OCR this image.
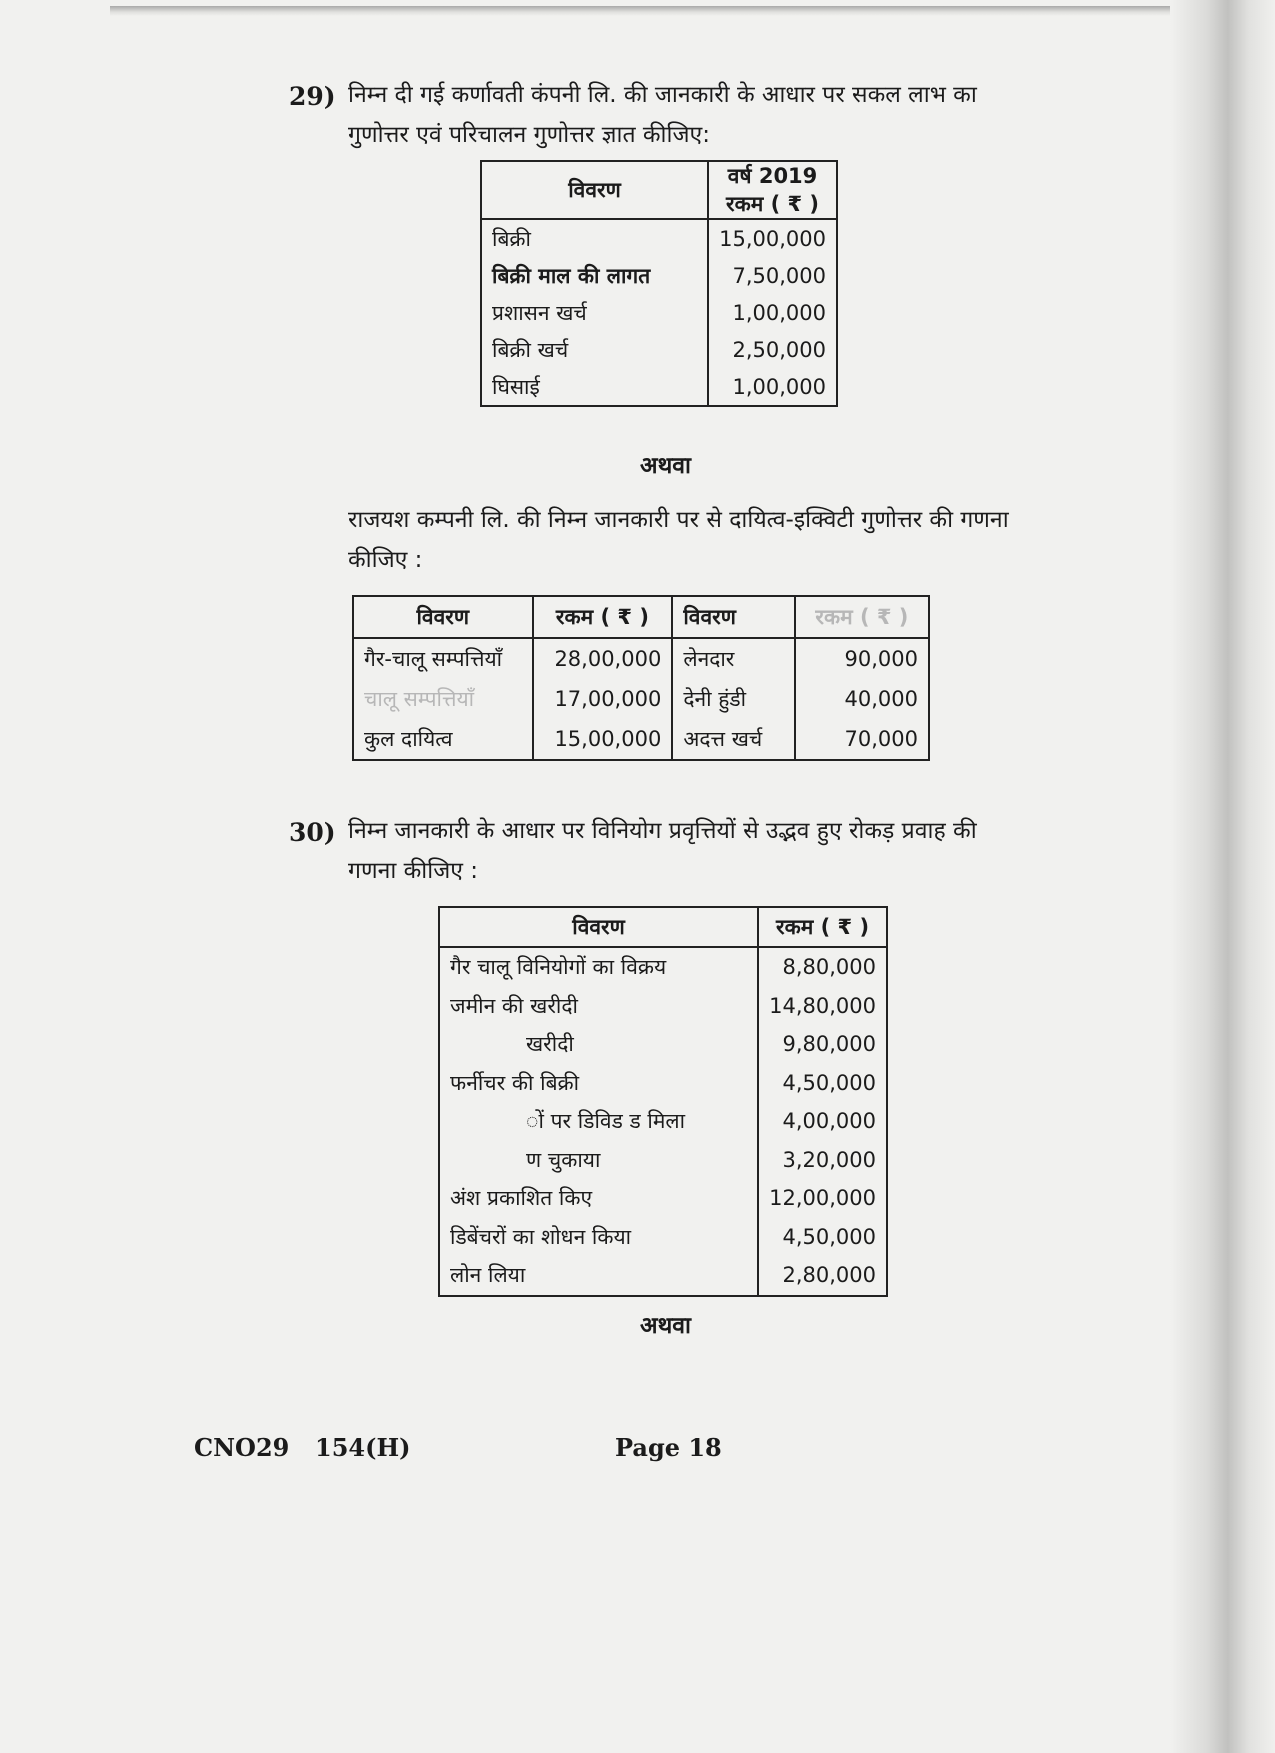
29) निम्न दी गई कर्णावती कंपनी लि. की जानकारी के आधार पर सकल लाभ का
गुणोत्तर एवं परिचालन गुणोत्तर ज्ञात कीजिए:
विवरण	वर्ष 2019
रकम ( ₹ )

बिक्री	15,00,000
बिक्री माल की लागत	7,50,000
प्रशासन खर्च	1,00,000
बिक्री खर्च	2,50,000
घिसाई	1,00,000
अथवा
राजयश कम्पनी लि. की निम्न जानकारी पर से दायित्व-इक्विटी गुणोत्तर की गणना
कीजिए :
विवरण	रकम ( ₹ )	विवरण	रकम ( ₹ )
गैर-चालू सम्पत्तियाँ	28,00,000	लेनदार	90,000
चालू सम्पत्तियाँ	17,00,000	देनी हुंडी	40,000
कुल दायित्व	15,00,000	अदत्त खर्च	70,000
30) निम्न जानकारी के आधार पर विनियोग प्रवृत्तियों से उद्भव हुए रोकड़ प्रवाह की
गणना कीजिए :
विवरण	रकम ( ₹ )
गैर चालू विनियोगों का विक्रय	8,80,000
जमीन की खरीदी	14,80,000
खरीदी	9,80,000
फर्नीचर की बिक्री	4,50,000
ों पर डिविड ड मिला	4,00,000
ण चुकाया	3,20,000
अंश प्रकाशित किए	12,00,000
डिबेंचरों का शोधन किया	4,50,000
लोन लिया	2,80,000
अथवा
CNO29 154(H)	Page 18
